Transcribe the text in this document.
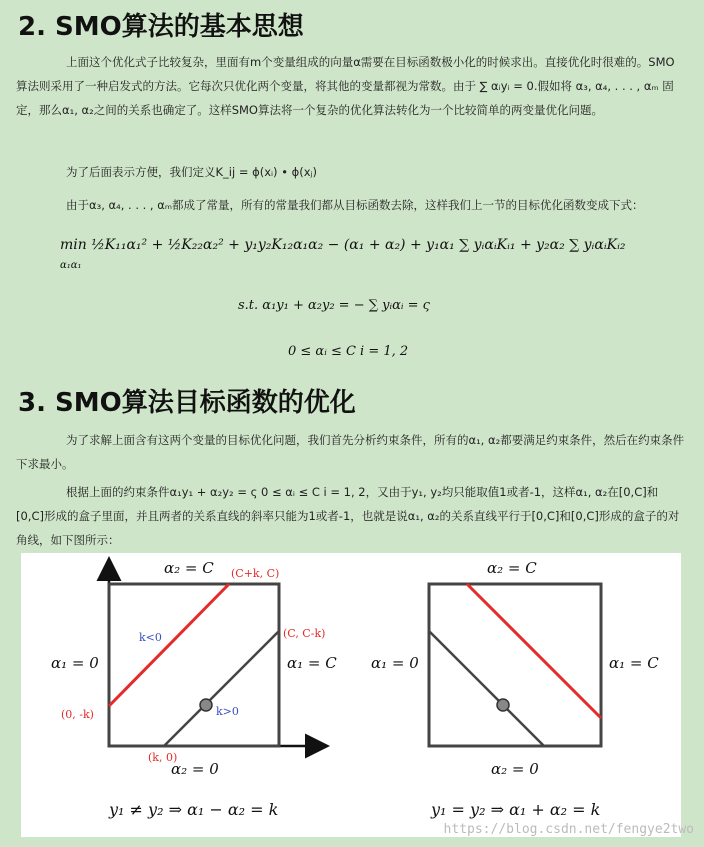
2. SMO算法的基本思想
上面这个优化式子比较复杂，里面有m个变量组成的向量α需要在目标函数极小化的时候求出。直接优化时很难的。SMO算法则采用了一种启发式的方法。它每次只优化两个变量，将其他的变量都视为常数。由于 ∑ αᵢyᵢ = 0.假如将 α₃, α₄, . . . , αₘ 固定，那么α₁, α₂之间的关系也确定了。这样SMO算法将一个复杂的优化算法转化为一个比较简单的两变量优化问题。
为了后面表示方便，我们定义K_ij = ϕ(xᵢ) • ϕ(xⱼ)
由于α₃, α₄, . . . , αₘ都成了常量，所有的常量我们都从目标函数去除，这样我们上一节的目标优化函数变成下式：
min ½K₁₁α₁² + ½K₂₂α₂² + y₁y₂K₁₂α₁α₂ − (α₁ + α₂) + y₁α₁ ∑ yᵢαᵢKᵢ₁ + y₂α₂ ∑ yᵢαᵢKᵢ₂
α₁α₁
s.t. α₁y₁ + α₂y₂ = − ∑ yᵢαᵢ = ς
0 ≤ αᵢ ≤ C i = 1, 2
3. SMO算法目标函数的优化
为了求解上面含有这两个变量的目标优化问题，我们首先分析约束条件，所有的α₁, α₂都要满足约束条件，然后在约束条件下求最小。
根据上面的约束条件α₁y₁ + α₂y₂ = ς 0 ≤ αᵢ ≤ C i = 1, 2，又由于y₁, y₂均只能取值1或者-1，这样α₁, α₂在[0,C]和[0,C]形成的盒子里面，并且两者的关系直线的斜率只能为1或者-1，也就是说α₁, α₂的关系直线平行于[0,C]和[0,C]形成的盒子的对角线，如下图所示：
α₂ = C
α₂ = 0
α₁ = 0	α₁ = C
(C+k, C)
(C, C-k)
(0, -k)
(k, 0)
k<0
k>0
y₁ ≠ y₂ ⇒ α₁ − α₂ = k
α₂ = C
α₂ = 0
α₁ = 0	α₁ = C
y₁ = y₂ ⇒ α₁ + α₂ = k
https://blog.csdn.net/fengye2two
